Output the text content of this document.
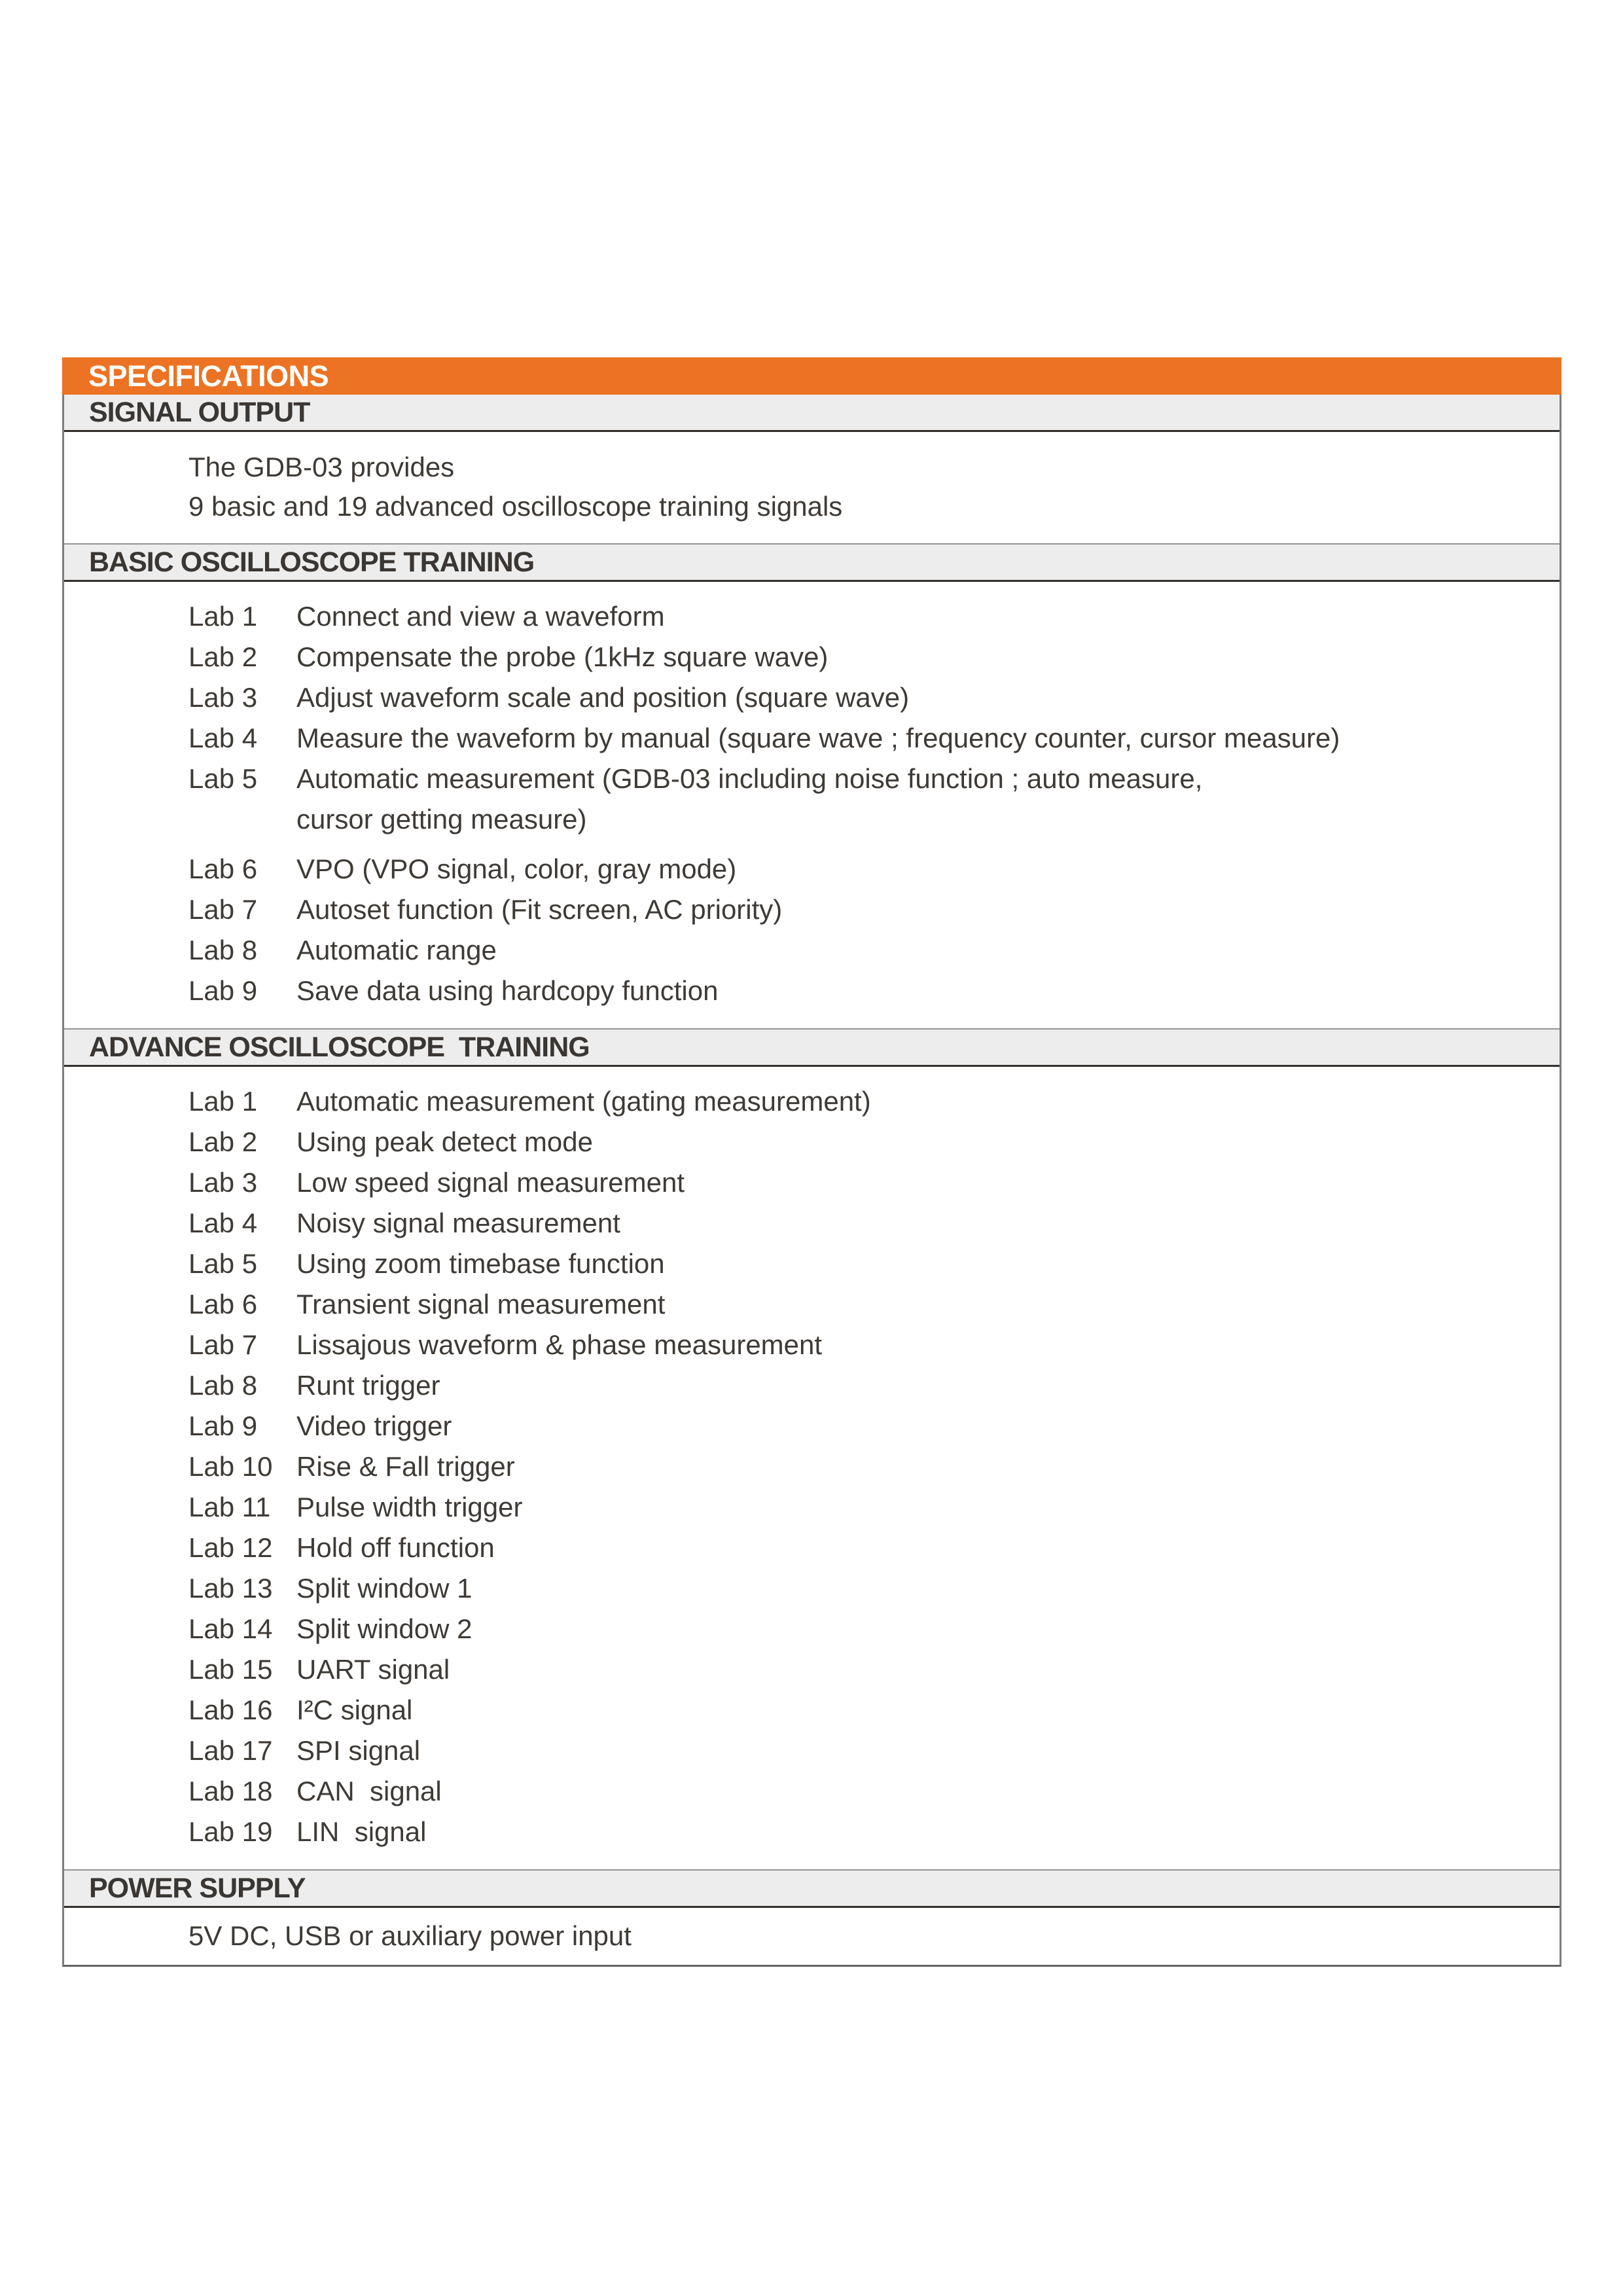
SPECIFICATIONS
SIGNAL OUTPUT
The GDB-03 provides
9 basic and 19 advanced oscilloscope training signals
BASIC OSCILLOSCOPE TRAINING
Lab 1	Connect and view a waveform
Lab 2	Compensate the probe (1kHz square wave)
Lab 3	Adjust waveform scale and position (square wave)
Lab 4	Measure the waveform by manual (square wave ; frequency counter, cursor measure)
Lab 5	Automatic measurement (GDB-03 including noise function ; auto measure,
cursor getting measure)
Lab 6	VPO (VPO signal, color, gray mode)
Lab 7	Autoset function (Fit screen, AC priority)
Lab 8	Automatic range
Lab 9	Save data using hardcopy function
ADVANCE OSCILLOSCOPE  TRAINING
Lab 1	Automatic measurement (gating measurement)
Lab 2	Using peak detect mode
Lab 3	Low speed signal measurement
Lab 4	Noisy signal measurement
Lab 5	Using zoom timebase function
Lab 6	Transient signal measurement
Lab 7	Lissajous waveform & phase measurement
Lab 8	Runt trigger
Lab 9	Video trigger
Lab 10 Rise & Fall trigger
Lab 11 Pulse width trigger
Lab 12 Hold off function
Lab 13 Split window 1
Lab 14 Split window 2
Lab 15 UART signal
Lab 16 I²C signal
Lab 17 SPI signal
Lab 18 CAN  signal
Lab 19 LIN  signal
POWER SUPPLY
5V DC, USB or auxiliary power input
